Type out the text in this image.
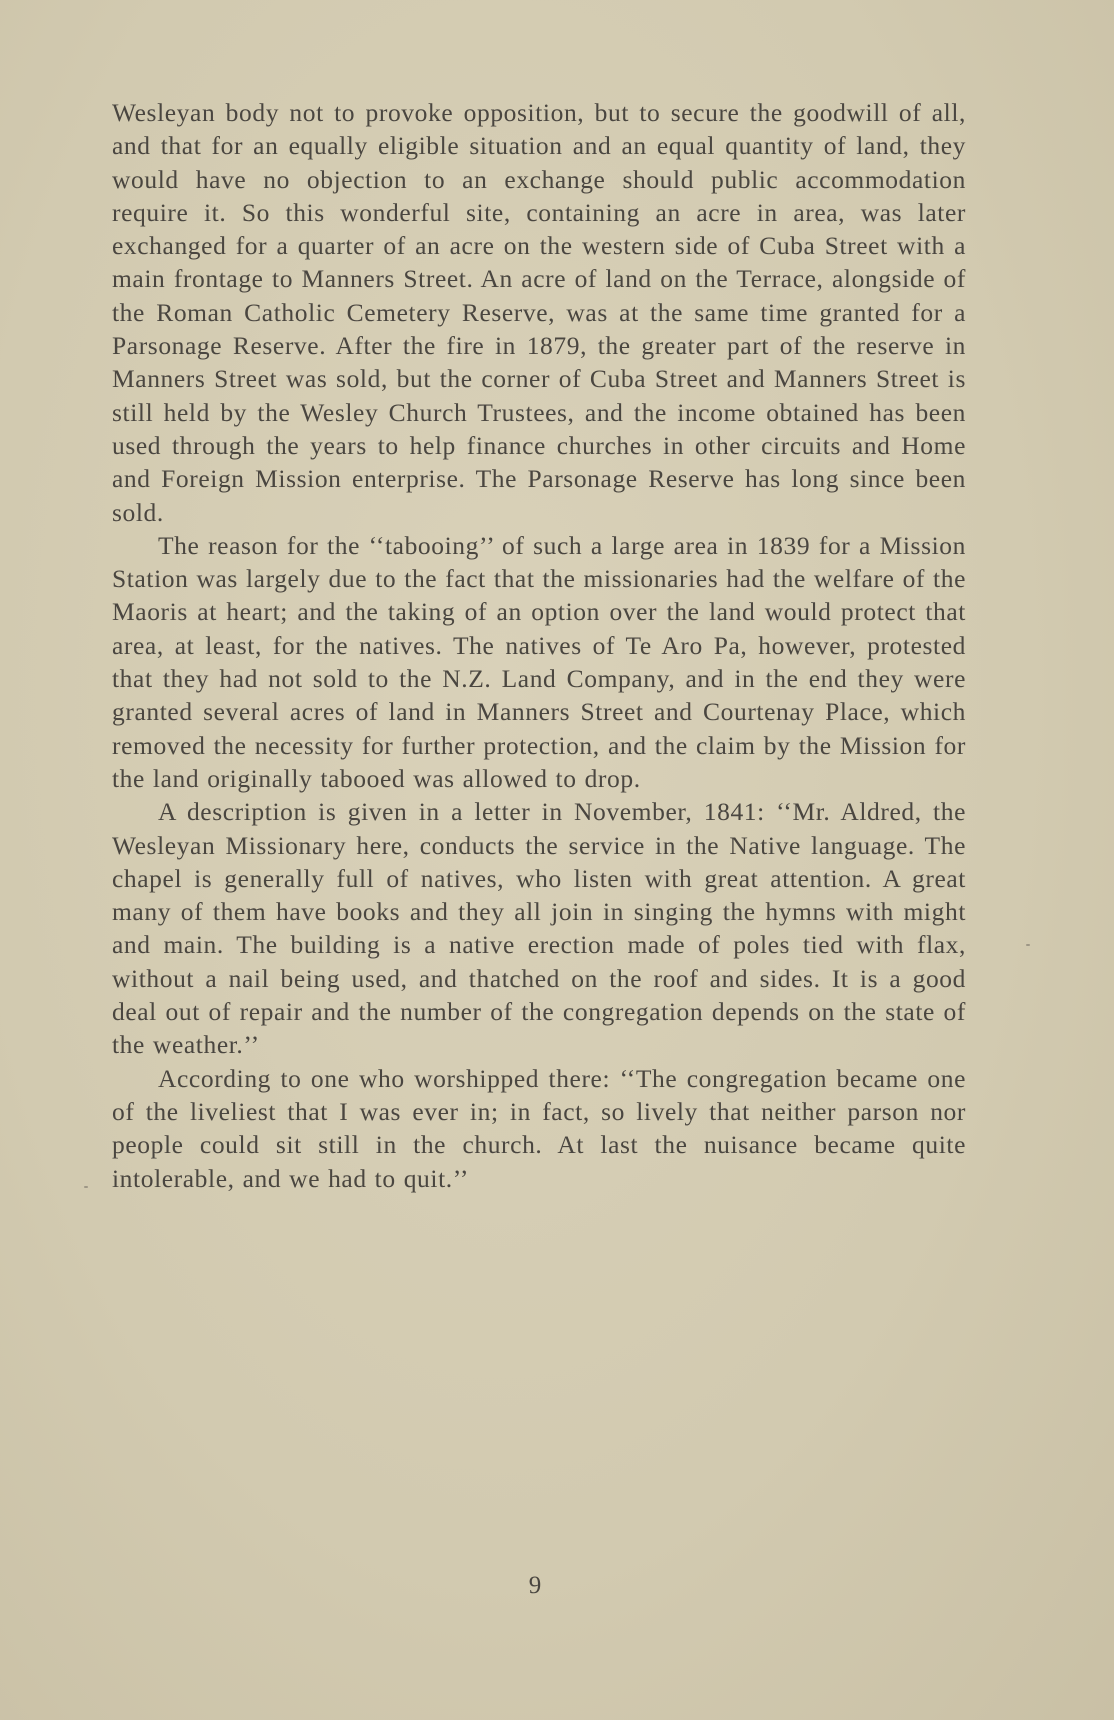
Wesleyan body not to provoke opposition, but to secure the goodwill of all, and that for an equally eligible situation and an equal quantity of land, they would have no objection to an exchange should public accommodation require it. So this wonderful site, containing an acre in area, was later exchanged for a quarter of an acre on the western side of Cuba Street with a main frontage to Manners Street. An acre of land on the Terrace, alongside of the Roman Catholic Cemetery Reserve, was at the same time granted for a Parsonage Reserve. After the fire in 1879, the greater part of the reserve in Manners Street was sold, but the corner of Cuba Street and Manners Street is still held by the Wesley Church Trustees, and the income obtained has been used through the years to help finance churches in other circuits and Home and Foreign Mission enterprise. The Parsonage Reserve has long since been sold.

The reason for the ‘‘tabooing’’ of such a large area in 1839 for a Mission Station was largely due to the fact that the missionaries had the welfare of the Maoris at heart; and the taking of an option over the land would protect that area, at least, for the natives. The natives of Te Aro Pa, however, protested that they had not sold to the N.Z. Land Company, and in the end they were granted several acres of land in Manners Street and Courtenay Place, which removed the necessity for further protection, and the claim by the Mission for the land originally tabooed was allowed to drop.

A description is given in a letter in November, 1841: ‘‘Mr. Aldred, the Wesleyan Missionary here, conducts the service in the Native language. The chapel is generally full of natives, who listen with great attention. A great many of them have books and they all join in singing the hymns with might and main. The building is a native erection made of poles tied with flax, without a nail being used, and thatched on the roof and sides. It is a good deal out of repair and the number of the congregation depends on the state of the weather.’’

According to one who worshipped there: ‘‘The congregation became one of the liveliest that I was ever in; in fact, so lively that neither parson nor people could sit still in the church. At last the nuisance became quite intolerable, and we had to quit.’’

9
